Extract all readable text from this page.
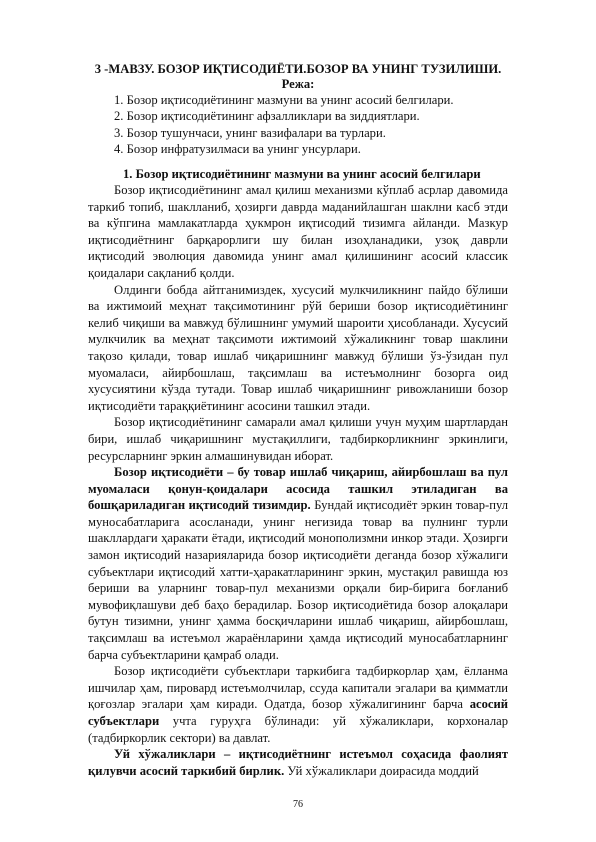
3 -МАВЗУ. БОЗОР ИҚТИСОДИЁТИ.БОЗОР ВА УНИНГ ТУЗИЛИШИ.
Режа:
1. Бозор иқтисодиётининг мазмуни ва унинг асосий белгилари.
2. Бозор иқтисодиётининг афзалликлари ва зиддиятлари.
3. Бозор тушунчаси, унинг вазифалари ва турлари.
4. Бозор инфратузилмаси ва унинг унсурлари.
1. Бозор иқтисодиётининг мазмуни ва унинг асосий белгилари

Бозор иқтисодиётининг амал қилиш механизми кўплаб асрлар давомида таркиб топиб, шаклланиб, ҳозирги даврда маданийлашган шаклни касб этди ва кўпгина мамлакатларда ҳукмрон иқтисодий тизимга айланди. Мазкур иқтисодиётнинг барқарорлиги шу билан изоҳланадики, узоқ даврли иқтисодий эволюция давомида унинг амал қилишининг асосий классик қоидалари сақланиб қолди.

Олдинги бобда айтганимиздек, хусусий мулкчиликнинг пайдо бўлиши ва ижтимоий меҳнат тақсимотининг рўй бериши бозор иқтисодиётининг келиб чиқиши ва мавжуд бўлишнинг умумий шароити ҳисобланади. Хусусий мулкчилик ва меҳнат тақсимоти ижтимоий хўжаликнинг товар шаклини тақозо қилади, товар ишлаб чиқаришнинг мавжуд бўлиши ўз-ўзидан пул муомаласи, айирбошлаш, тақсимлаш ва истеъмолнинг бозорга оид хусусиятини кўзда тутади. Товар ишлаб чиқаришнинг ривожланиши бозор иқтисодиёти тараққиётининг асосини ташкил этади.

Бозор иқтисодиётининг самарали амал қилиши учун муҳим шартлардан бири, ишлаб чиқаришнинг мустақиллиги, тадбиркорликнинг эркинлиги, ресурсларнинг эркин алмашинувидан иборат.

Бозор иқтисодиёти – бу товар ишлаб чиқариш, айирбошлаш ва пул муомаласи қонун-қоидалари асосида ташкил этиладиган ва бошқариладиган иқтисодий тизимдир. Бундай иқтисодиёт эркин товар-пул муносабатларига асосланади, унинг негизида товар ва пулнинг турли шакллардаги ҳаракати ётади, иқтисодий монополизмни инкор этади. Ҳозирги замон иқтисодий назарияларида бозор иқтисодиёти деганда бозор хўжалиги субъектлари иқтисодий хатти-ҳаракатларининг эркин, мустақил равишда юз бериши ва уларнинг товар-пул механизми орқали бир-бирига боғланиб мувофиқлашуви деб баҳо берадилар. Бозор иқтисодиётида бозор алоқалари бутун тизимни, унинг ҳамма босқичларини ишлаб чиқариш, айирбошлаш, тақсимлаш ва истеъмол жараёнларини ҳамда иқтисодий муносабатларнинг барча субъектларини қамраб олади.

Бозор иқтисодиёти субъектлари таркибига тадбиркорлар ҳам, ёлланма ишчилар ҳам, пировард истеъмолчилар, ссуда капитали эгалари ва қимматли қоғозлар эгалари ҳам киради. Одатда, бозор хўжалигининг барча асосий субъектлари учта гуруҳга бўлинади: уй хўжаликлари, корхоналар (тадбиркорлик сектори) ва давлат.

Уй хўжаликлари – иқтисодиётнинг истеъмол соҳасида фаолият қилувчи асосий таркибий бирлик. Уй хўжаликлари доирасида моддий

76
